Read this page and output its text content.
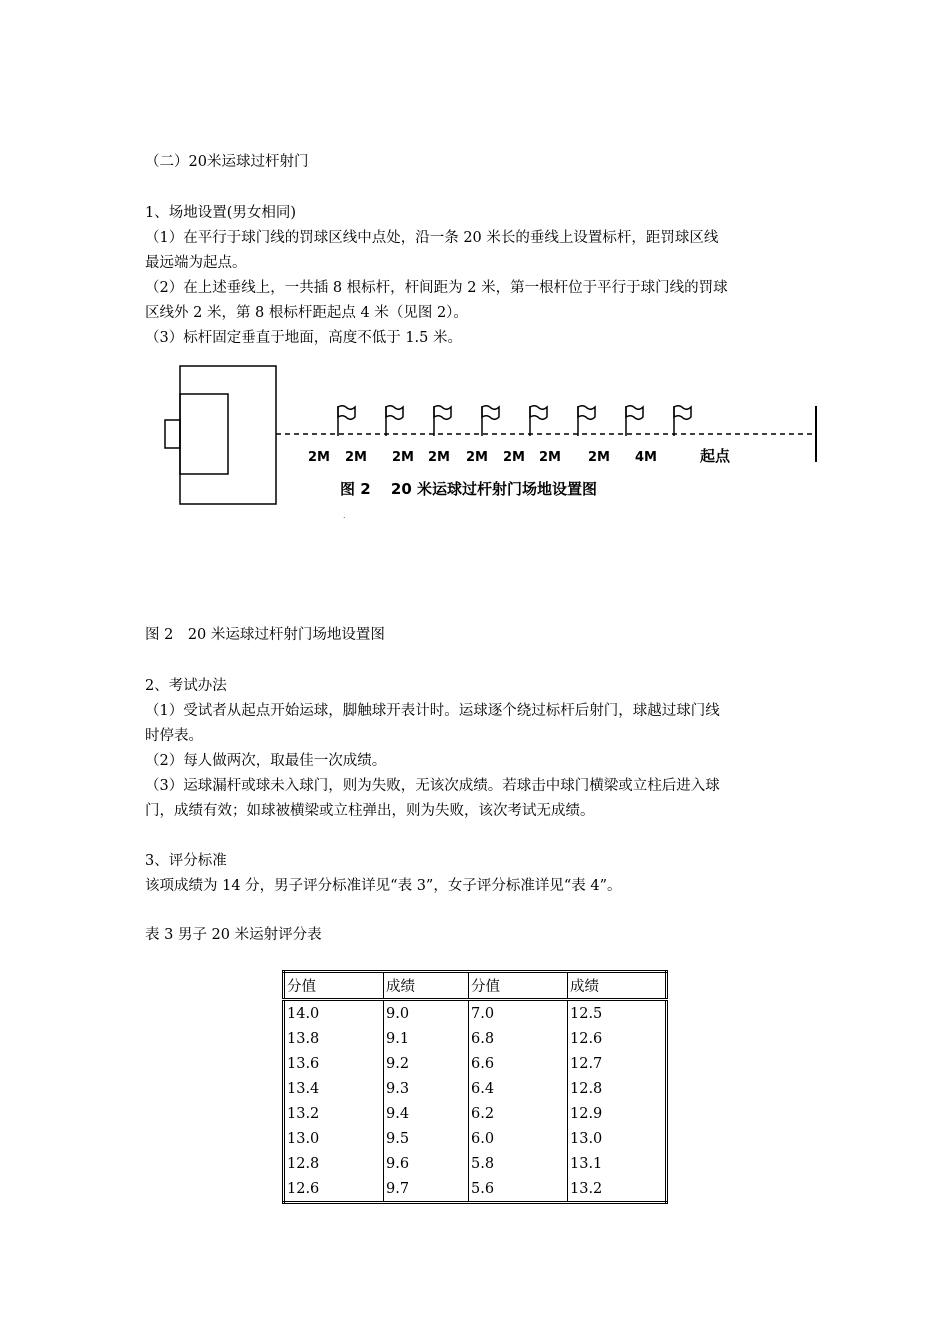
（二）20米运球过杆射门
1、场地设置(男女相同)
（1）在平行于球门线的罚球区线中点处，沿一条 20 米长的垂线上设置标杆，距罚球区线
最远端为起点。
（2）在上述垂线上，一共插 8 根标杆，杆间距为 2 米，第一根杆位于平行于球门线的罚球
区线外 2 米，第 8 根标杆距起点 4 米（见图 2）。
（3）标杆固定垂直于地面，高度不低于 1.5 米。
2M 2M 2M 2M 2M 2M 2M 2M 4M	起点
图 2　 20 米运球过杆射门场地设置图
.
图 2　20 米运球过杆射门场地设置图
2、考试办法
（1）受试者从起点开始运球，脚触球开表计时。运球逐个绕过标杆后射门，球越过球门线
时停表。
（2）每人做两次，取最佳一次成绩。
（3）运球漏杆或球未入球门，则为失败，无该次成绩。若球击中球门横梁或立柱后进入球
门，成绩有效；如球被横梁或立柱弹出，则为失败，该次考试无成绩。
3、评分标准
该项成绩为 14 分，男子评分标准详见“表 3”，女子评分标准详见“表 4”。
表 3 男子 20 米运射评分表
分值	成绩	分值	成绩
14.0	9.0	7.0	12.5
13.8	9.1	6.8	12.6
13.6	9.2	6.6	12.7
13.4	9.3	6.4	12.8
13.2	9.4	6.2	12.9
13.0	9.5	6.0	13.0
12.8	9.6	5.8	13.1
12.6	9.7	5.6	13.2
